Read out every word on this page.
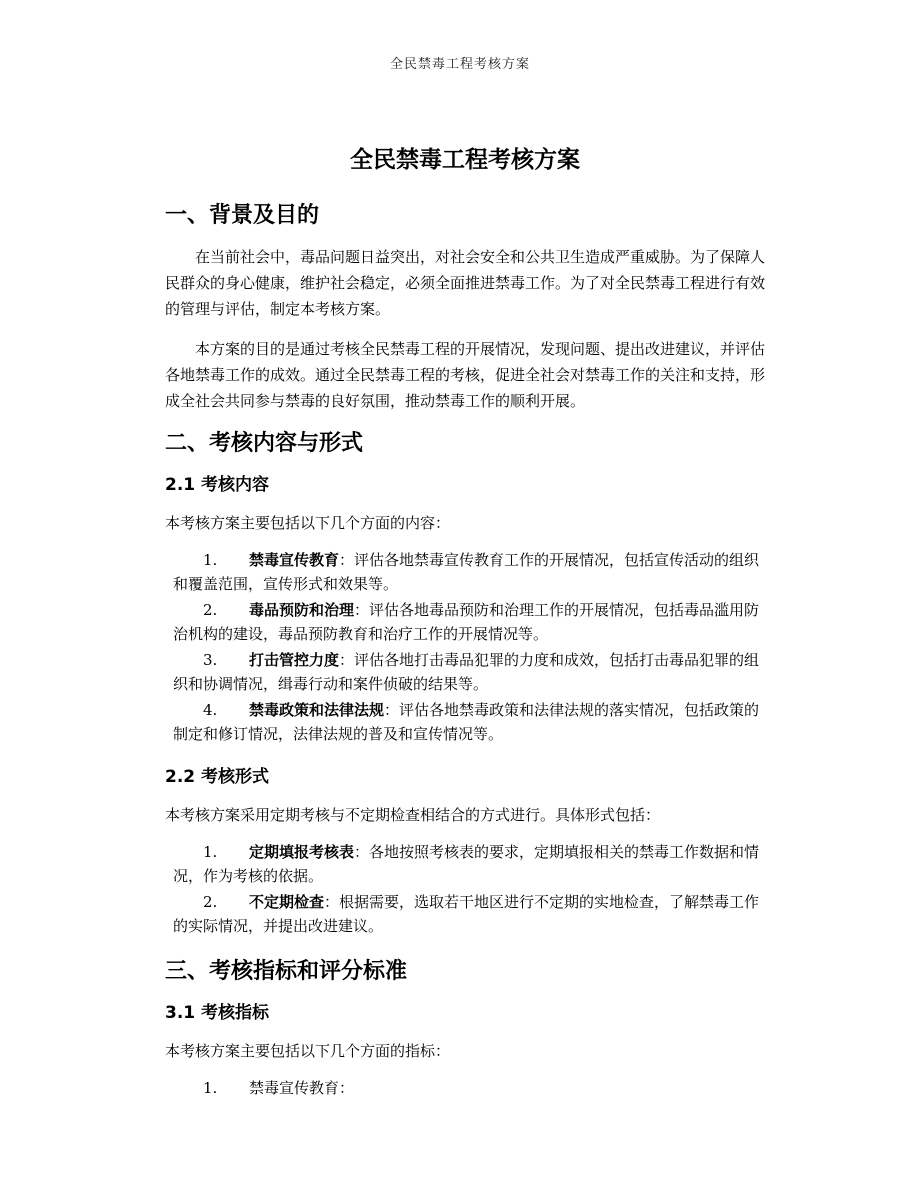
全民禁毒工程考核方案
全民禁毒工程考核方案
一、背景及目的

在当前社会中，毒品问题日益突出，对社会安全和公共卫生造成严重威胁。为了保障人民群众的身心健康，维护社会稳定，必须全面推进禁毒工作。为了对全民禁毒工程进行有效的管理与评估，制定本考核方案。

本方案的目的是通过考核全民禁毒工程的开展情况，发现问题、提出改进建议，并评估各地禁毒工作的成效。通过全民禁毒工程的考核，促进全社会对禁毒工作的关注和支持，形成全社会共同参与禁毒的良好氛围，推动禁毒工作的顺利开展。

二、考核内容与形式
2.1 考核内容

本考核方案主要包括以下几个方面的内容：

1. 禁毒宣传教育：评估各地禁毒宣传教育工作的开展情况，包括宣传活动的组织和覆盖范围，宣传形式和效果等。
2. 毒品预防和治理：评估各地毒品预防和治理工作的开展情况，包括毒品滥用防治机构的建设，毒品预防教育和治疗工作的开展情况等。
3. 打击管控力度：评估各地打击毒品犯罪的力度和成效，包括打击毒品犯罪的组织和协调情况，缉毒行动和案件侦破的结果等。
4. 禁毒政策和法律法规：评估各地禁毒政策和法律法规的落实情况，包括政策的制定和修订情况，法律法规的普及和宣传情况等。
2.2 考核形式

本考核方案采用定期考核与不定期检查相结合的方式进行。具体形式包括：

1. 定期填报考核表：各地按照考核表的要求，定期填报相关的禁毒工作数据和情况，作为考核的依据。
2. 不定期检查：根据需要，选取若干地区进行不定期的实地检查，了解禁毒工作的实际情况，并提出改进建议。
三、考核指标和评分标准
3.1 考核指标

本考核方案主要包括以下几个方面的指标：

1. 禁毒宣传教育：
